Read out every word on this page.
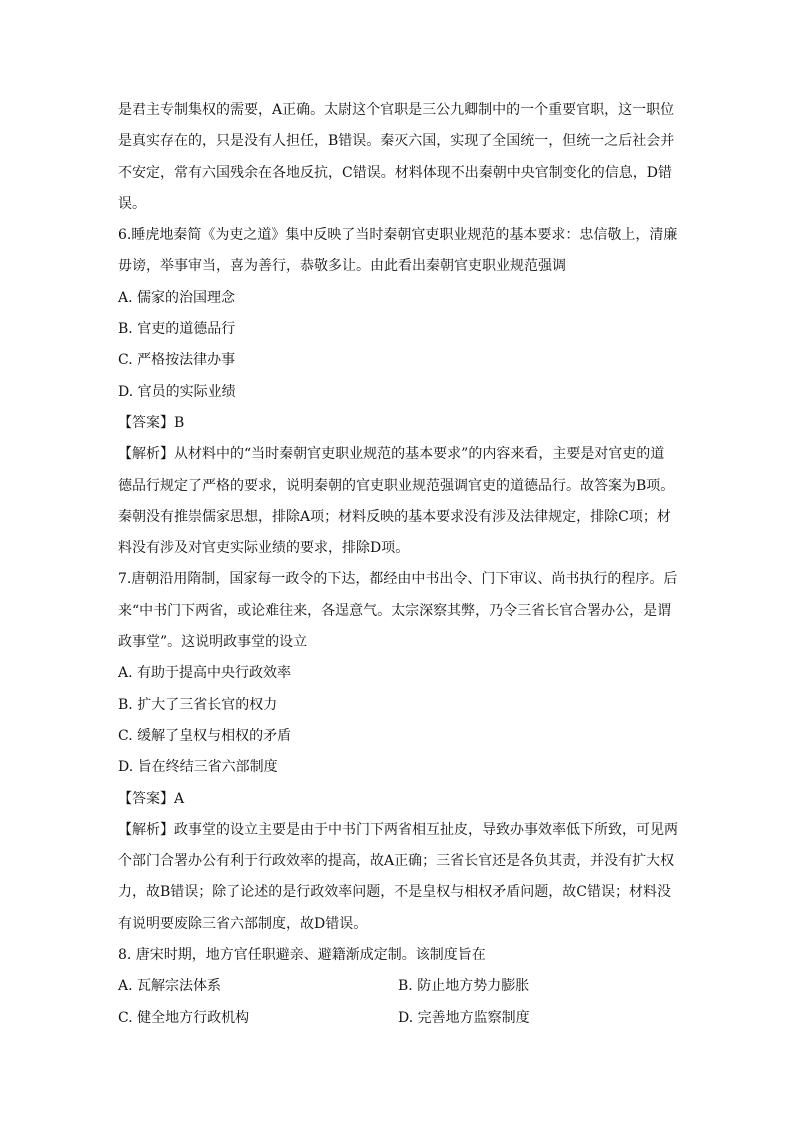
是君主专制集权的需要，A正确。太尉这个官职是三公九卿制中的一个重要官职，这一职位
是真实存在的，只是没有人担任，B错误。秦灭六国，实现了全国统一，但统一之后社会并
不安定，常有六国残余在各地反抗，C错误。材料体现不出秦朝中央官制变化的信息，D错
误。
6.睡虎地秦简《为吏之道》集中反映了当时秦朝官吏职业规范的基本要求：忠信敬上，清廉
毋谤，举事审当，喜为善行，恭敬多让。由此看出秦朝官吏职业规范强调
A. 儒家的治国理念
B. 官吏的道德品行
C. 严格按法律办事
D. 官员的实际业绩
【答案】B
【解析】从材料中的“当时秦朝官吏职业规范的基本要求”的内容来看，主要是对官吏的道
德品行规定了严格的要求，说明秦朝的官吏职业规范强调官吏的道德品行。故答案为B项。
秦朝没有推崇儒家思想，排除A项；材料反映的基本要求没有涉及法律规定，排除C项；材
料没有涉及对官吏实际业绩的要求，排除D项。
7.唐朝沿用隋制，国家每一政令的下达，都经由中书出令、门下审议、尚书执行的程序。后
来“中书门下两省，或论难往来，各逞意气。太宗深察其弊，乃令三省长官合署办公，是谓
政事堂”。这说明政事堂的设立
A. 有助于提高中央行政效率
B. 扩大了三省长官的权力
C. 缓解了皇权与相权的矛盾
D. 旨在终结三省六部制度
【答案】A
【解析】政事堂的设立主要是由于中书门下两省相互扯皮，导致办事效率低下所致，可见两
个部门合署办公有利于行政效率的提高，故A正确；三省长官还是各负其责，并没有扩大权
力，故B错误；除了论述的是行政效率问题，不是皇权与相权矛盾问题，故C错误；材料没
有说明要废除三省六部制度，故D错误。
8. 唐宋时期，地方官任职避亲、避籍渐成定制。该制度旨在
A. 瓦解宗法体系	B. 防止地方势力膨胀
C. 健全地方行政机构	D. 完善地方监察制度
